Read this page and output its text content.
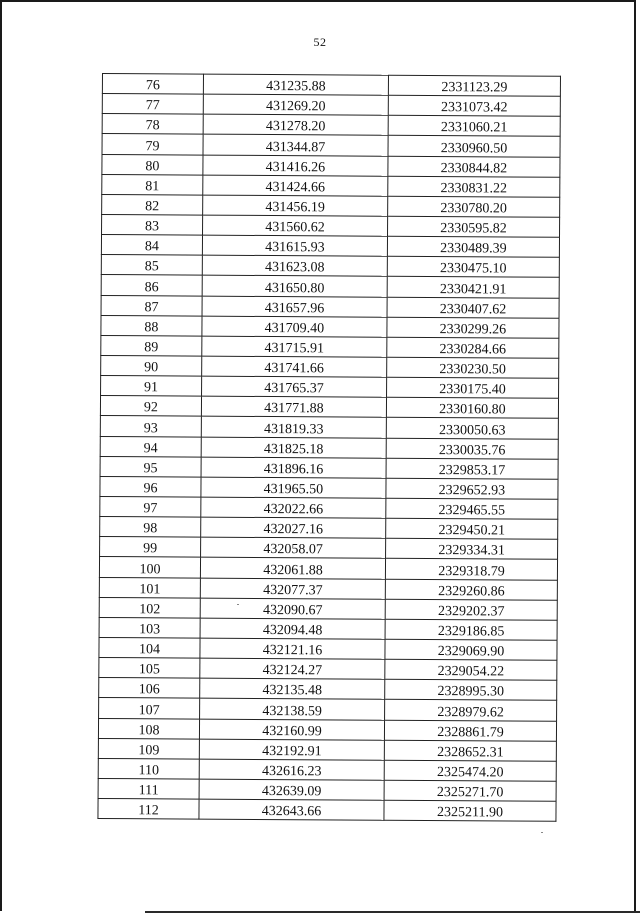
52
76	431235.88	2331123.29
77	431269.20	2331073.42
78	431278.20	2331060.21
79	431344.87	2330960.50
80	431416.26	2330844.82
81	431424.66	2330831.22
82	431456.19	2330780.20
83	431560.62	2330595.82
84	431615.93	2330489.39
85	431623.08	2330475.10
86	431650.80	2330421.91
87	431657.96	2330407.62
88	431709.40	2330299.26
89	431715.91	2330284.66
90	431741.66	2330230.50
91	431765.37	2330175.40
92	431771.88	2330160.80
93	431819.33	2330050.63
94	431825.18	2330035.76
95	431896.16	2329853.17
96	431965.50	2329652.93
97	432022.66	2329465.55
98	432027.16	2329450.21
99	432058.07	2329334.31
100	432061.88	2329318.79
101	432077.37	2329260.86
102	432090.67	2329202.37
103	432094.48	2329186.85
104	432121.16	2329069.90
105	432124.27	2329054.22
106	432135.48	2328995.30
107	432138.59	2328979.62
108	432160.99	2328861.79
109	432192.91	2328652.31
110	432616.23	2325474.20
111	432639.09	2325271.70
112	432643.66	2325211.90
